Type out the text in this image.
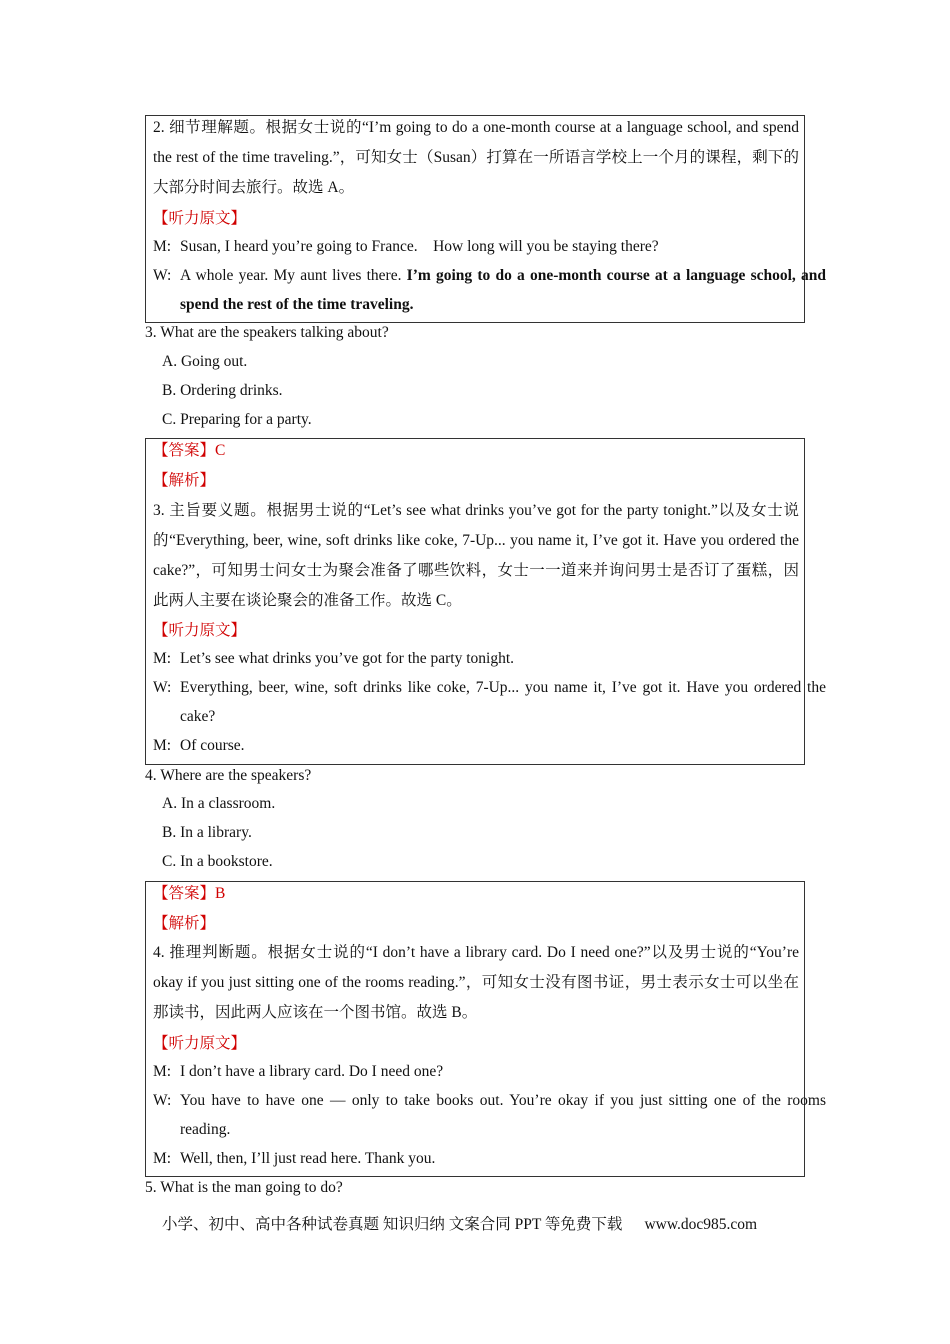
2. 细节理解题。根据女士说的“I’m going to do a one-month course at a language school, and spend the rest of the time traveling.”，可知女士（Susan）打算在一所语言学校上一个月的课程，剩下的大部分时间去旅行。故选 A。
【听力原文】
M: Susan, I heard you’re going to France.    How long will you be staying there?
W: A whole year. My aunt lives there. I’m going to do a one-month course at a language school, and spend the rest of the time traveling.
3. What are the speakers talking about?
A. Going out.
B. Ordering drinks.
C. Preparing for a party.
【答案】C
【解析】
3. 主旨要义题。根据男士说的“Let’s see what drinks you’ve got for the party tonight.”以及女士说的“Everything, beer, wine, soft drinks like coke, 7-Up... you name it, I’ve got it. Have you ordered the cake?”，可知男士问女士为聚会准备了哪些饮料，女士一一道来并询问男士是否订了蛋糕，因此两人主要在谈论聚会的准备工作。故选 C。
【听力原文】
M: Let’s see what drinks you’ve got for the party tonight.
W: Everything, beer, wine, soft drinks like coke, 7-Up... you name it, I’ve got it. Have you ordered the cake?
M: Of course.
4. Where are the speakers?
A. In a classroom.
B. In a library.
C. In a bookstore.
【答案】B
【解析】
4. 推理判断题。根据女士说的“I don’t have a library card. Do I need one?”以及男士说的“You’re okay if you just sitting one of the rooms reading.”，可知女士没有图书证，男士表示女士可以坐在那读书，因此两人应该在一个图书馆。故选 B。
【听力原文】
M: I don’t have a library card. Do I need one?
W: You have to have one — only to take books out. You’re okay if you just sitting one of the rooms reading.
M: Well, then, I’ll just read here. Thank you.
5. What is the man going to do?
小学、初中、高中各种试卷真题 知识归纳 文案合同 PPT 等免费下载 www.doc985.com
